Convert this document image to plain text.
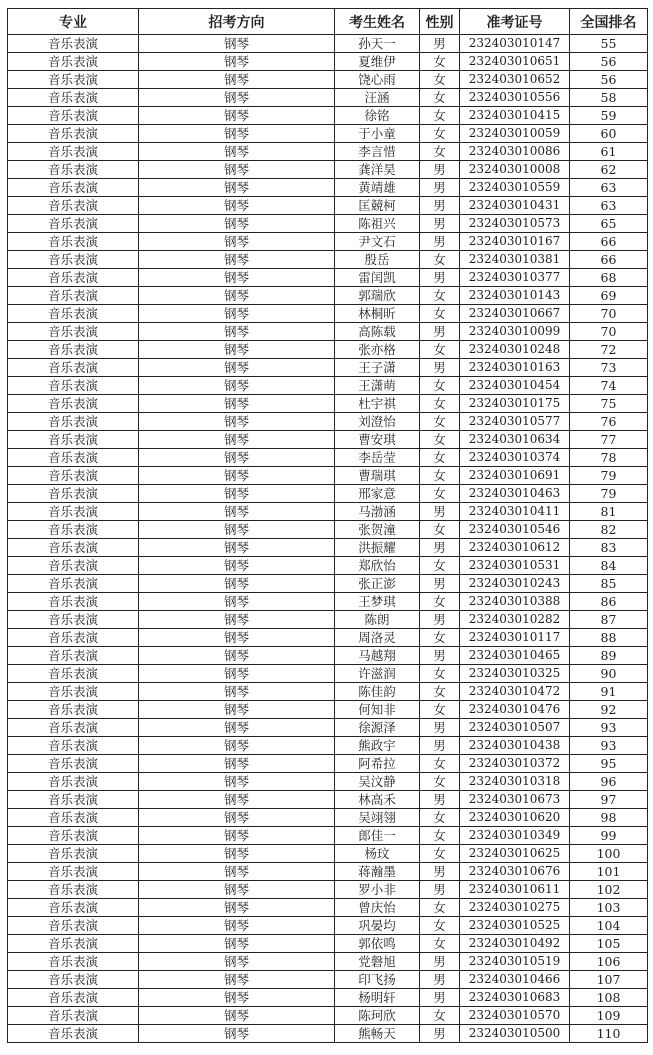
专业	招考方向	考生姓名	性别	准考证号	全国排名
音乐表演	钢琴	孙天一	男	232403010147	55
音乐表演	钢琴	夏维伊	女	232403010651	56
音乐表演	钢琴	饶心雨	女	232403010652	56
音乐表演	钢琴	汪涵	女	232403010556	58
音乐表演	钢琴	徐铭	女	232403010415	59
音乐表演	钢琴	于小童	女	232403010059	60
音乐表演	钢琴	李言惜	女	232403010086	61
音乐表演	钢琴	龚洋昊	男	232403010008	62
音乐表演	钢琴	黄靖雄	男	232403010559	63
音乐表演	钢琴	匡競柯	男	232403010431	63
音乐表演	钢琴	陈祖兴	男	232403010573	65
音乐表演	钢琴	尹文石	男	232403010167	66
音乐表演	钢琴	殷岳	女	232403010381	66
音乐表演	钢琴	雷闰凯	男	232403010377	68
音乐表演	钢琴	郭瑞欣	女	232403010143	69
音乐表演	钢琴	林桐昕	女	232403010667	70
音乐表演	钢琴	高陈载	男	232403010099	70
音乐表演	钢琴	张亦格	女	232403010248	72
音乐表演	钢琴	王子潇	男	232403010163	73
音乐表演	钢琴	王潇萌	女	232403010454	74
音乐表演	钢琴	杜宇祺	女	232403010175	75
音乐表演	钢琴	刘澄怡	女	232403010577	76
音乐表演	钢琴	曹安琪	女	232403010634	77
音乐表演	钢琴	李岳莹	女	232403010374	78
音乐表演	钢琴	曹瑞琪	女	232403010691	79
音乐表演	钢琴	邢家意	女	232403010463	79
音乐表演	钢琴	马渤涵	男	232403010411	81
音乐表演	钢琴	张贺潼	女	232403010546	82
音乐表演	钢琴	洪振耀	男	232403010612	83
音乐表演	钢琴	郑欣怡	女	232403010531	84
音乐表演	钢琴	张正澎	男	232403010243	85
音乐表演	钢琴	王梦琪	女	232403010388	86
音乐表演	钢琴	陈朗	男	232403010282	87
音乐表演	钢琴	周洛灵	女	232403010117	88
音乐表演	钢琴	马越翔	男	232403010465	89
音乐表演	钢琴	许滋润	女	232403010325	90
音乐表演	钢琴	陈佳韵	女	232403010472	91
音乐表演	钢琴	何知非	女	232403010476	92
音乐表演	钢琴	徐源泽	男	232403010507	93
音乐表演	钢琴	熊政宇	男	232403010438	93
音乐表演	钢琴	阿希拉	女	232403010372	95
音乐表演	钢琴	吴汶静	女	232403010318	96
音乐表演	钢琴	林高禾	男	232403010673	97
音乐表演	钢琴	吴翊翎	女	232403010620	98
音乐表演	钢琴	郎佳一	女	232403010349	99
音乐表演	钢琴	杨玟	女	232403010625	100
音乐表演	钢琴	蒋瀚墨	男	232403010676	101
音乐表演	钢琴	罗小非	男	232403010611	102
音乐表演	钢琴	曾庆怡	女	232403010275	103
音乐表演	钢琴	巩晏均	女	232403010525	104
音乐表演	钢琴	郭依鸣	女	232403010492	105
音乐表演	钢琴	党磐旭	男	232403010519	106
音乐表演	钢琴	印飞扬	男	232403010466	107
音乐表演	钢琴	杨明轩	男	232403010683	108
音乐表演	钢琴	陈珂欣	女	232403010570	109
音乐表演	钢琴	熊畅天	男	232403010500	110
